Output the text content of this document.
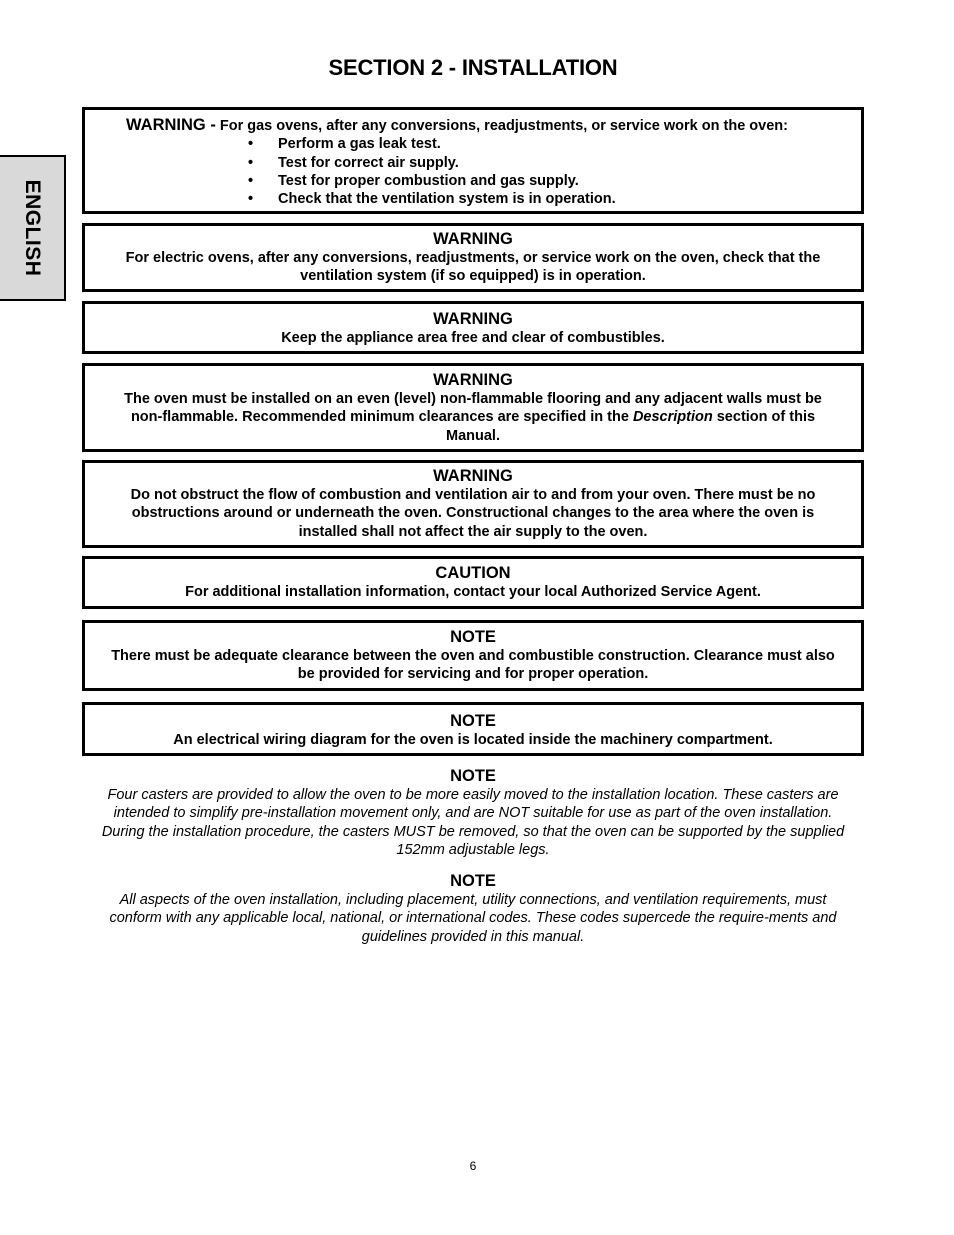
SECTION 2 - INSTALLATION
ENGLISH
WARNING - For gas ovens, after any conversions, readjustments, or service work on the oven:
• Perform a gas leak test.
• Test for correct air supply.
• Test for proper combustion and gas supply.
• Check that the ventilation system is in operation.
WARNING
For electric ovens, after any conversions, readjustments, or service work on the oven, check that the ventilation system (if so equipped) is in operation.
WARNING
Keep the appliance area free and clear of combustibles.
WARNING
The oven must be installed on an even (level) non-flammable flooring and any adjacent walls must be non-flammable. Recommended minimum clearances are specified in the Description section of this Manual.
WARNING
Do not obstruct the flow of combustion and ventilation air to and from your oven. There must be no obstructions around or underneath the oven. Constructional changes to the area where the oven is installed shall not affect the air supply to the oven.
CAUTION
For additional installation information, contact your local Authorized Service Agent.
NOTE
There must be adequate clearance between the oven and combustible construction. Clearance must also be provided for servicing and for proper operation.
NOTE
An electrical wiring diagram for the oven is located inside the machinery compartment.
NOTE
Four casters are provided to allow the oven to be more easily moved to the installation location. These casters are intended to simplify pre-installation movement only, and are NOT suitable for use as part of the oven installation. During the installation procedure, the casters MUST be removed, so that the oven can be supported by the supplied 152mm adjustable legs.
NOTE
All aspects of the oven installation, including placement, utility connections, and ventilation requirements, must conform with any applicable local, national, or international codes. These codes supercede the require-ments and guidelines provided in this manual.
6
